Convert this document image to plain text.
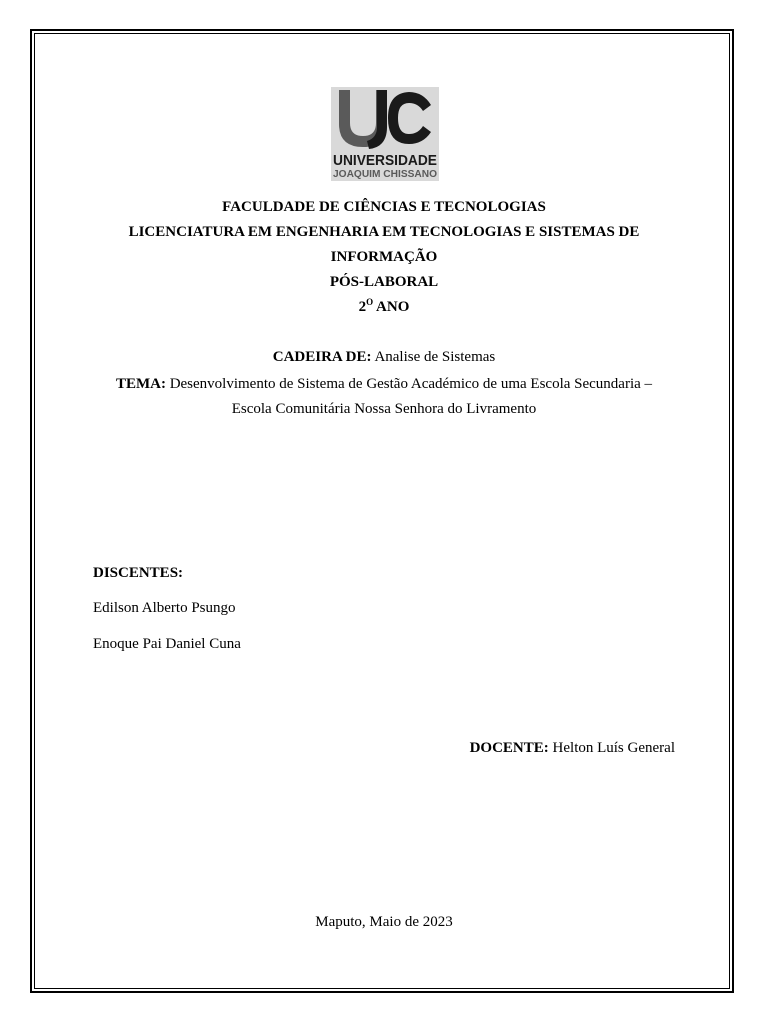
UNIVERSIDADE
JOAQUIM CHISSANO
FACULDADE DE CIÊNCIAS E TECNOLOGIAS
LICENCIATURA EM ENGENHARIA EM TECNOLOGIAS E SISTEMAS DE
INFORMAÇÃO
PÓS-LABORAL
$2^O$ ANO
CADEIRA DE: Analise de Sistemas
TEMA: Desenvolvimento de Sistema de Gestão Académico de uma Escola Secundaria –
Escola Comunitária Nossa Senhora do Livramento
DISCENTES:
Edilson Alberto Psungo
Enoque Pai Daniel Cuna
DOCENTE: Helton Luís General
Maputo, Maio de 2023
